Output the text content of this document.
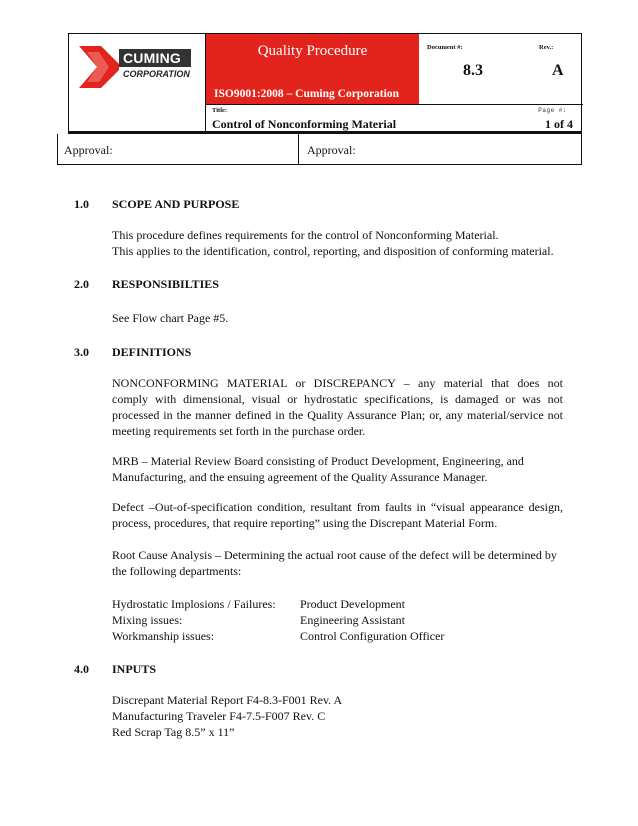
CUMING
CORPORATION
Quality Procedure
ISO9001:2008 – Cuming Corporation
Document #:	Rev.:
8.3	A
Title:	Page #:
Control of Nonconforming Material	1 of 4
Approval:	Approval:
1.0 SCOPE AND PURPOSE
This procedure defines requirements for the control of Nonconforming Material.
This applies to the identification, control, reporting, and disposition of conforming material.
2.0 RESPONSIBILTIES
See Flow chart Page #5.
3.0 DEFINITIONS
NONCONFORMING MATERIAL or DISCREPANCY – any material that does not
comply with dimensional, visual or hydrostatic specifications, is damaged or was not
processed in the manner defined in the Quality Assurance Plan; or, any material/service not
meeting requirements set forth in the purchase order.
MRB – Material Review Board consisting of Product Development, Engineering, and
Manufacturing, and the ensuing agreement of the Quality Assurance Manager.
Defect –Out-of-specification condition, resultant from faults in “visual appearance design,
process, procedures, that require reporting” using the Discrepant Material Form.
Root Cause Analysis – Determining the actual root cause of the defect will be determined by
the following departments:
Hydrostatic Implosions / Failures: Product Development
Mixing issues:	Engineering Assistant
Workmanship issues:	Control Configuration Officer
4.0 INPUTS
Discrepant Material Report F4-8.3-F001 Rev. A
Manufacturing Traveler F4-7.5-F007 Rev. C
Red Scrap Tag 8.5” x 11”
